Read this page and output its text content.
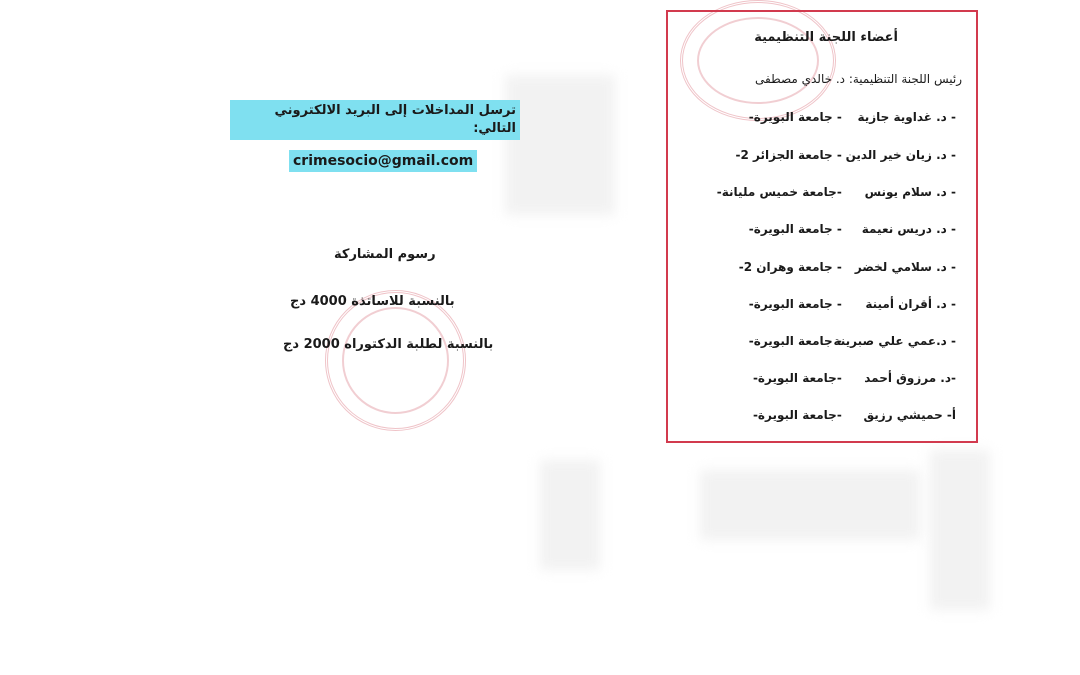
ترسل المداخلات إلى البريد الالكتروني التالي:
crimesocio@gmail.com
رسوم المشاركة
بالنسبة للاساتذة 4000 دج
بالنسبة لطلبة الدكتوراه 2000 دج
أعضاء اللجنة التنظيمية
رئيس اللجنة التنظيمية: د. خالدي مصطفى
- د. غداوية جازية - جامعة البويرة-
- د. زيان خير الدين - جامعة الجزائر 2-
- د. سلام يونس -جامعة خميس مليانة-
- د. دريس نعيمة - جامعة البويرة-
- د. سلامي لخضر - جامعة وهران 2-
- د. أقران أمينة - جامعة البويرة-
- د.عمي علي صبرينة - جامعة البويرة-
-د. مرزوق أحمد -جامعة البويرة-
أ- حميشي رزيق -جامعة البويرة-
